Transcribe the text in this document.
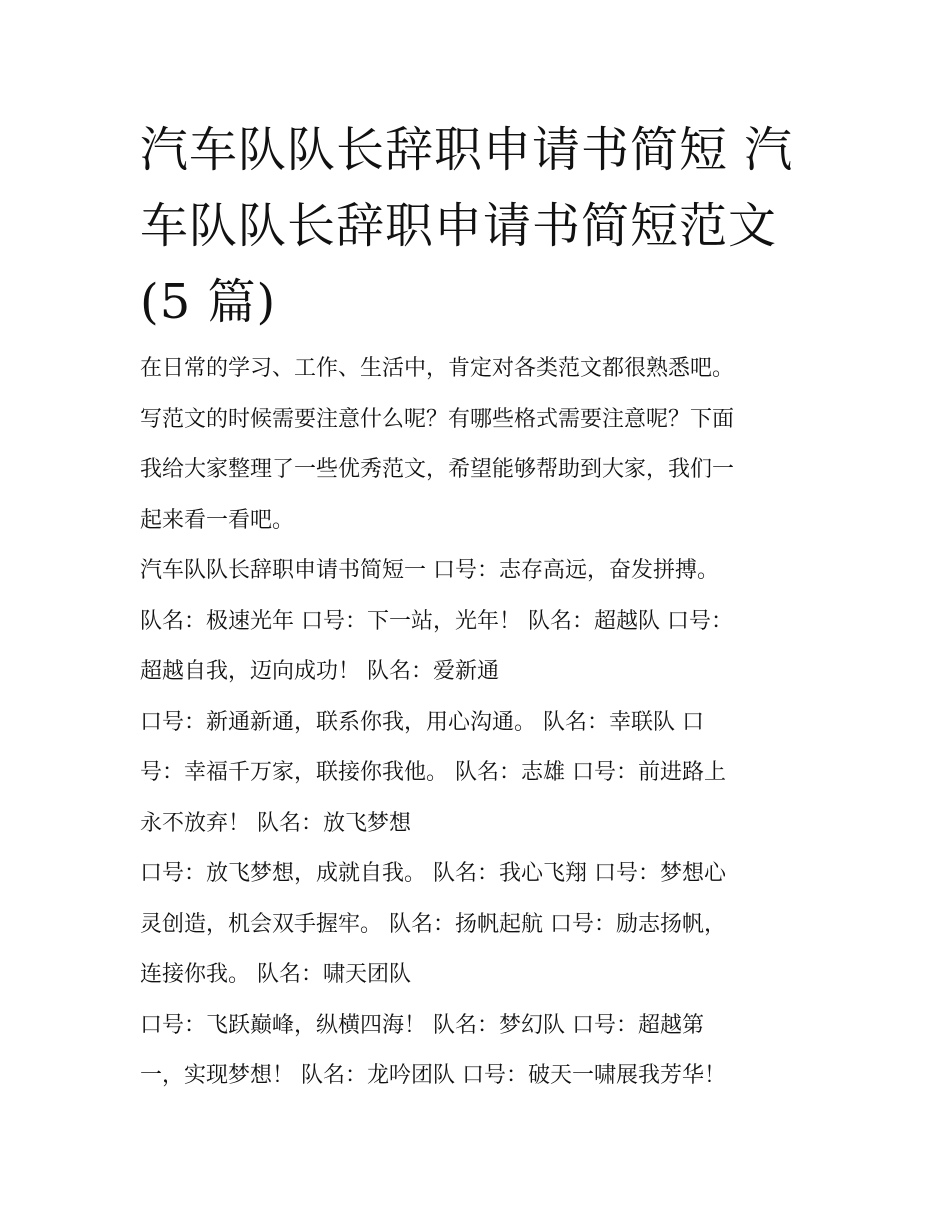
汽车队队长辞职申请书简短 汽
车队队长辞职申请书简短范文
(5 篇)

在日常的学习、工作、生活中，肯定对各类范文都很熟悉吧。
写范文的时候需要注意什么呢？有哪些格式需要注意呢？下面
我给大家整理了一些优秀范文，希望能够帮助到大家，我们一
起来看一看吧。

汽车队队长辞职申请书简短一 口号：志存高远，奋发拼搏。
队名：极速光年 口号：下一站，光年！ 队名：超越队 口号：
超越自我，迈向成功！ 队名：爱新通

口号：新通新通，联系你我，用心沟通。 队名：幸联队 口
号：幸福千万家，联接你我他。 队名：志雄 口号：前进路上
永不放弃！ 队名：放飞梦想

口号：放飞梦想，成就自我。 队名：我心飞翔 口号：梦想心
灵创造，机会双手握牢。 队名：扬帆起航 口号：励志扬帆，
连接你我。 队名：啸天团队

口号：飞跃巅峰，纵横四海！ 队名：梦幻队 口号：超越第
一，实现梦想！ 队名：龙吟团队 口号：破天一啸展我芳华！
